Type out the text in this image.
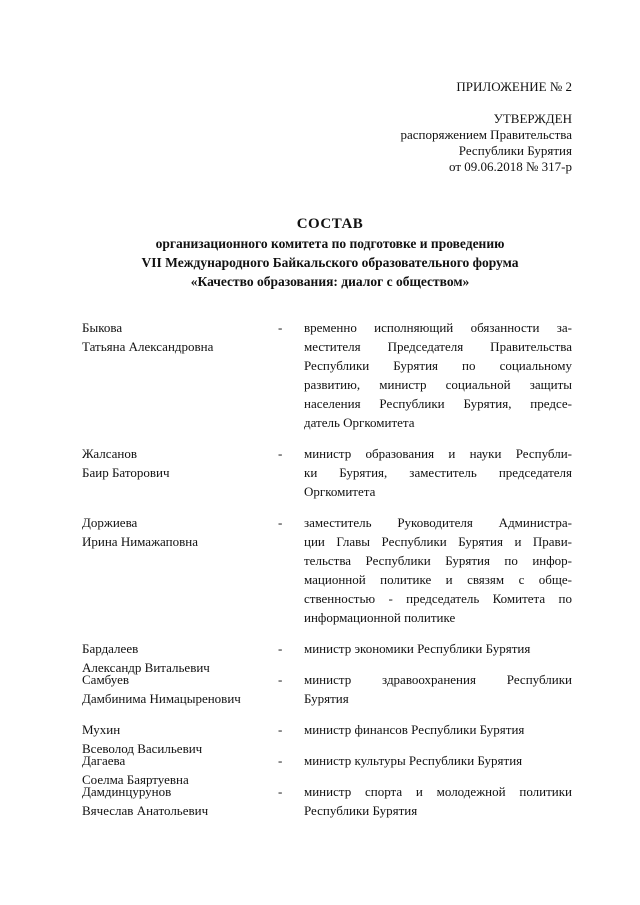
ПРИЛОЖЕНИЕ № 2
УТВЕРЖДЕН
распоряжением Правительства
Республики Бурятия
от 09.06.2018 № 317-р
СОСТАВ
организационного комитета по подготовке и проведению
VII Международного Байкальского образовательного форума
«Качество образования: диалог с обществом»
Быкова
Татьяна Александровна
-	временно исполняющий обязанности за-
местителя Председателя Правительства
Республики Бурятия по социальному
развитию, министр социальной защиты
населения Республики Бурятия, предсе-
датель Оргкомитета
Жалсанов
Баир Баторович
-	министр образования и науки Республи-
ки Бурятия, заместитель председателя
Оргкомитета
Доржиева
Ирина Нимажаповна
-	заместитель Руководителя Администра-
ции Главы Республики Бурятия и Прави-
тельства Республики Бурятия по инфор-
мационной политике и связям с обще-
ственностью - председатель Комитета по
информационной политике
Бардалеев
Александр Витальевич
-	министр экономики Республики Бурятия
Самбуев
Дамбинима Нимацыренович
-	министр здравоохранения Республики
Бурятия
Мухин
Всеволод Васильевич
-	министр финансов Республики Бурятия
Дагаева
Соелма Баяртуевна
-	министр культуры Республики Бурятия
Дамдинцурунов
Вячеслав Анатольевич
-	министр спорта и молодежной политики
Республики Бурятия
